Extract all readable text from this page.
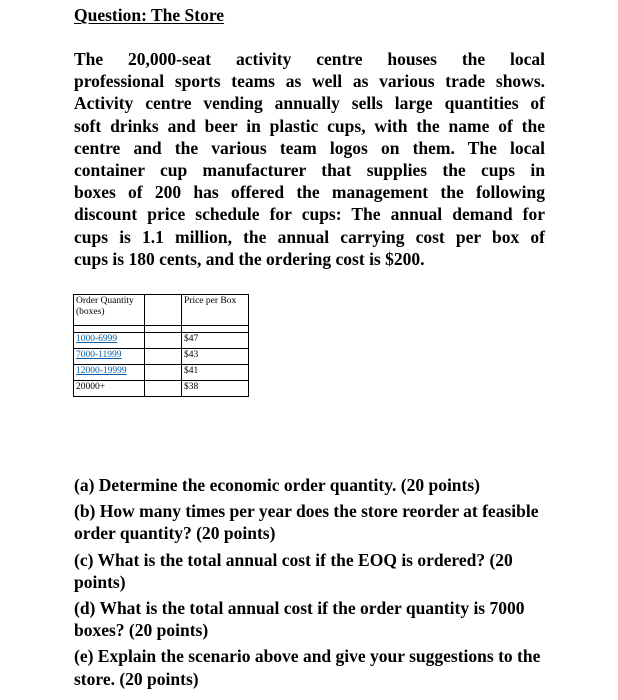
Question: The Store
The 20,000-seat activity centre houses the local
professional sports teams as well as various trade shows.
Activity centre vending annually sells large quantities of
soft drinks and beer in plastic cups, with the name of the
centre and the various team logos on them. The local
container cup manufacturer that supplies the cups in
boxes of 200 has offered the management the following
discount price schedule for cups: The annual demand for
cups is 1.1 million, the annual carrying cost per box of
cups is 180 cents, and the ordering cost is $200.
Order Quantity (boxes)		Price per Box

1000-6999		$47
7000-11999		$43
12000-19999		$41
20000+		$38
(a) Determine the economic order quantity. (20 points)
(b) How many times per year does the store reorder at feasible order quantity? (20 points)
(c) What is the total annual cost if the EOQ is ordered? (20 points)
(d) What is the total annual cost if the order quantity is 7000 boxes? (20 points)
(e) Explain the scenario above and give your suggestions to the store. (20 points)
